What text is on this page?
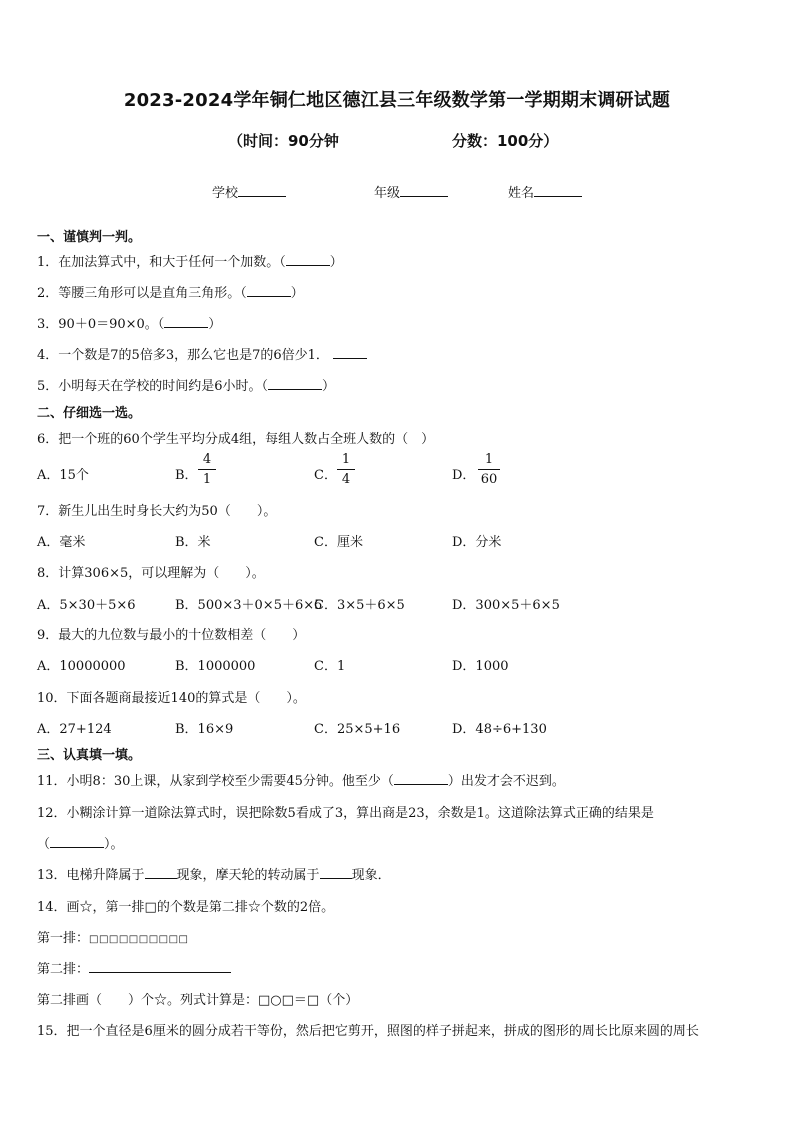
2023-2024学年铜仁地区德江县三年级数学第一学期期末调研试题
（时间：90分钟	分数：100分）
学校	年级	姓名
一、谨慎判一判。
1．在加法算式中，和大于任何一个加数。（	）
2．等腰三角形可以是直角三角形。（	）
3．90＋0＝90×0。（	）
4．一个数是7的5倍多3，那么它也是7的6倍少1．
5．小明每天在学校的时间约是6小时。（	）
二、仔细选一选。
6．把一个班的60个学生平均分成4组，每组人数占全班人数的（　）
A．15个	B．
4
1	C．
1
4	D．
1
60
7．新生儿出生时身长大约为50（　　）。
A．毫米	B．米	C．厘米	D．分米
8．计算306×5，可以理解为（　　）。
A．5×30＋5×6	B．500×3＋0×5＋6×5
C．3×5＋6×5	D．300×5＋6×5
9．最大的九位数与最小的十位数相差（　　）
A．10000000	B．1000000	C．1	D．1000
10．下面各题商最接近140的算式是（　　）。
A．27+124	B．16×9	C．25×5+16	D．48÷6+130
三、认真填一填。
11．小明8：30上课，从家到学校至少需要45分钟。他至少（	）出发才会不迟到。
12．小糊涂计算一道除法算式时，误把除数5看成了3，算出商是23，余数是1。这道除法算式正确的结果是
（	）。
13．电梯升降属于 现象，摩天轮的转动属于 现象．
14．画☆，第一排□的个数是第二排☆个数的2倍。
第一排：□□□□□□□□□□
第二排：
第二排画（　　）个☆。列式计算是：□○□＝□（个）
15．把一个直径是6厘米的圆分成若干等份，然后把它剪开，照图的样子拼起来，拼成的图形的周长比原来圆的周长
